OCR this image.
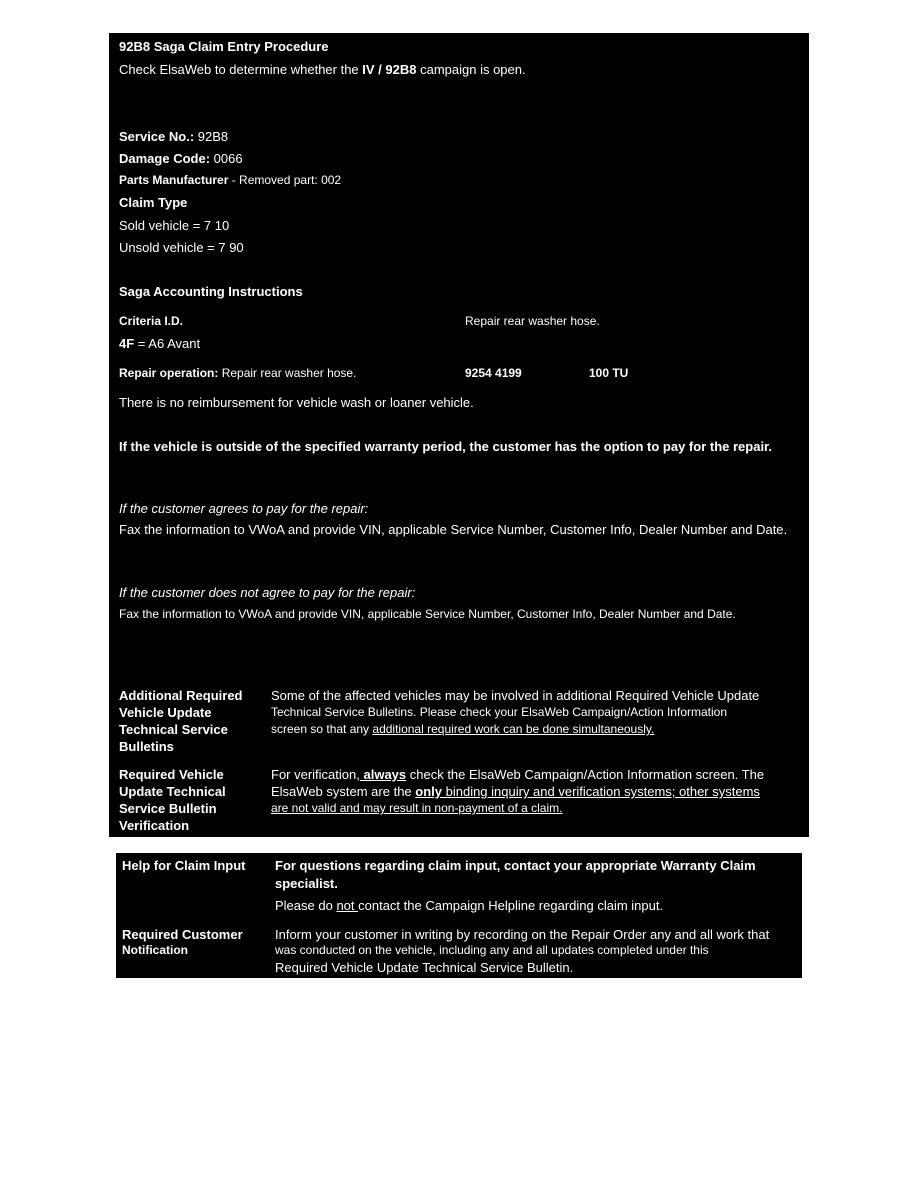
92B8 Saga Claim Entry Procedure
Check ElsaWeb to determine whether the IV / 92B8 campaign is open.
Service No.: 92B8
Damage Code: 0066
Parts Manufacturer - Removed part: 002
Claim Type
Sold vehicle = 7 10
Unsold vehicle = 7 90
Saga Accounting Instructions
Criteria I.D.	Repair rear washer hose.
4F = A6 Avant
Repair operation: Repair rear washer hose.	9254 4199	100 TU
There is no reimbursement for vehicle wash or loaner vehicle.
If the vehicle is outside of the specified warranty period, the customer has the option to pay for the repair.
If the customer agrees to pay for the repair:
Fax the information to VWoA and provide VIN, applicable Service Number, Customer Info, Dealer Number and Date.
If the customer does not agree to pay for the repair:
Fax the information to VWoA and provide VIN, applicable Service Number, Customer Info, Dealer Number and Date.
Additional Required Vehicle Update Technical Service Bulletins
Some of the affected vehicles may be involved in additional Required Vehicle Update
Technical Service Bulletins. Please check your ElsaWeb Campaign/Action Information
screen so that any additional required work can be done simultaneously.
Required Vehicle Update Technical Service Bulletin Verification
For verification, always check the ElsaWeb Campaign/Action Information screen. The
ElsaWeb system are the only binding inquiry and verification systems; other systems
are not valid and may result in non-payment of a claim.
Help for Claim Input For questions regarding claim input, contact your appropriate Warranty Claim specialist.
Please do not contact the Campaign Helpline regarding claim input.
Required Customer
Notification
Inform your customer in writing by recording on the Repair Order any and all work that
was conducted on the vehicle, including any and all updates completed under this
Required Vehicle Update Technical Service Bulletin.
